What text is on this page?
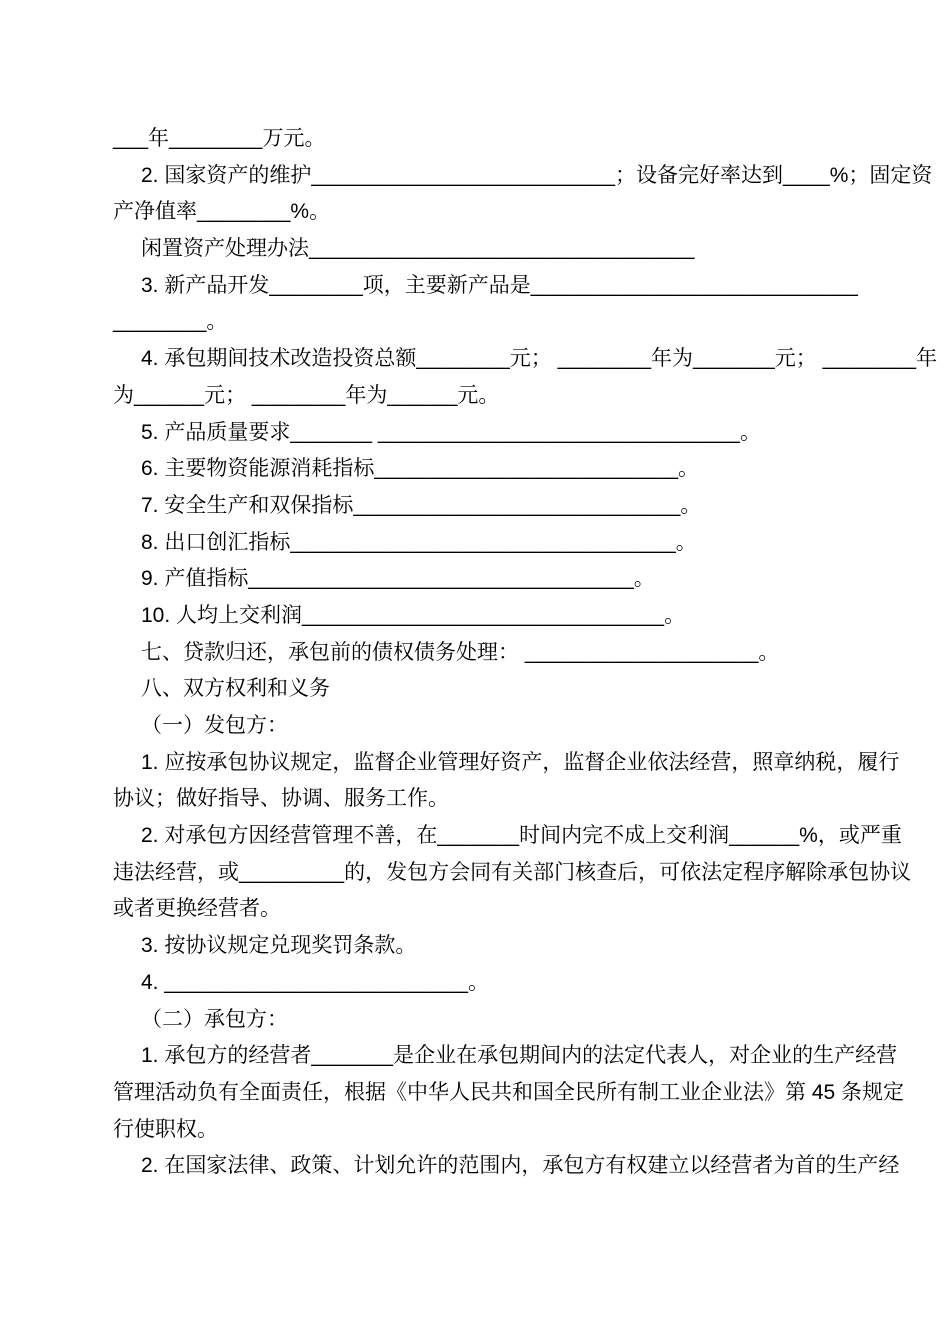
___年________万元。
2. 国家资产的维护__________________________；设备完好率达到____%；固定资
产净值率________%。
闲置资产处理办法_________________________________
3. 新产品开发________项，主要新产品是____________________________
________。
4. 承包期间技术改造投资总额________元； ________年为_______元； ________年
为______元； ________年为______元。
5. 产品质量要求_______ _______________________________。
6. 主要物资能源消耗指标__________________________。
7. 安全生产和双保指标____________________________。
8. 出口创汇指标_________________________________。
9. 产值指标_________________________________。
10. 人均上交利润_______________________________。
七、贷款归还，承包前的债权债务处理： ____________________。
八、双方权利和义务
（一）发包方：
1. 应按承包协议规定，监督企业管理好资产，监督企业依法经营，照章纳税，履行
协议；做好指导、协调、服务工作。
2. 对承包方因经营管理不善，在_______时间内完不成上交利润______%，或严重
违法经营，或_________的，发包方会同有关部门核查后，可依法定程序解除承包协议
或者更换经营者。
3. 按协议规定兑现奖罚条款。
4. __________________________。
（二）承包方：
1. 承包方的经营者_______是企业在承包期间内的法定代表人，对企业的生产经营
管理活动负有全面责任，根据《中华人民共和国全民所有制工业企业法》第 45 条规定
行使职权。
2. 在国家法律、政策、计划允许的范围内，承包方有权建立以经营者为首的生产经
